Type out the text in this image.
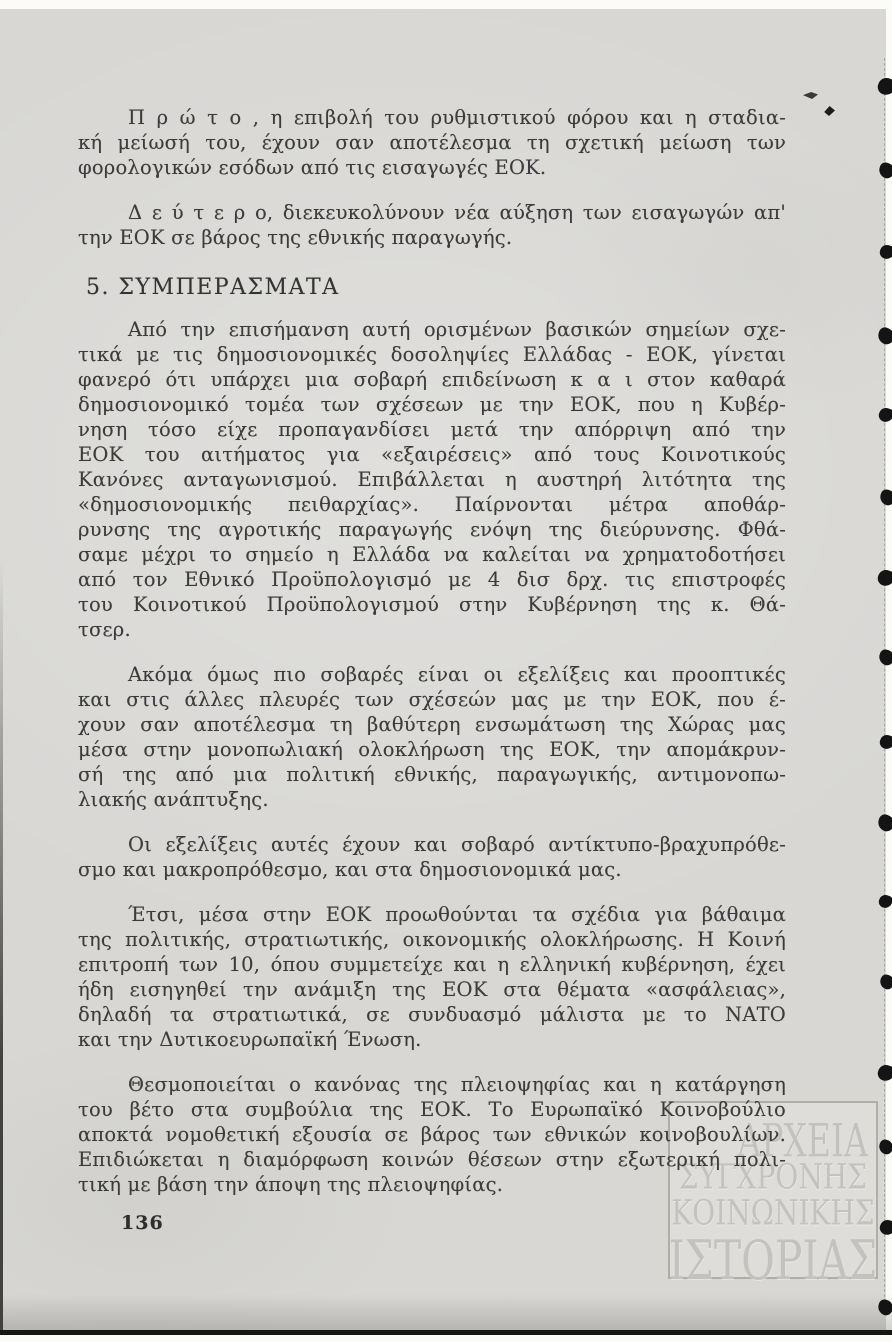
ΑΡΧΕΙΑ
ΣΥΓΧΡΟΝΗΣ
ΚΟΙΝΩΝΙΚΗΣ
ΙΣΤΟΡΙΑΣ
Π ρ ώ τ ο , η επιβολή του ρυθμιστικού φόρου και η σταδια-
κή μείωσή του, έχουν σαν αποτέλεσμα τη σχετική μείωση των
φορολογικών εσόδων από τις εισαγωγές ΕΟΚ.
Δ ε ύ τ ε ρ ο, διεκευκολύνουν νέα αύξηση των εισαγωγών απ'
την ΕΟΚ σε βάρος της εθνικής παραγωγής.
5. ΣΥΜΠΕΡΑΣΜΑΤΑ
Από την επισήμανση αυτή ορισμένων βασικών σημείων σχε-
τικά με τις δημοσιονομικές δοσοληψίες Ελλάδας - ΕΟΚ, γίνεται
φανερό ότι υπάρχει μια σοβαρή επιδείνωση κ α ι στον καθαρά
δημοσιονομικό τομέα των σχέσεων με την ΕΟΚ, που η Κυβέρ-
νηση τόσο είχε προπαγανδίσει μετά την απόρριψη από την
ΕΟΚ του αιτήματος για «εξαιρέσεις» από τους Κοινοτικούς
Κανόνες ανταγωνισμού. Επιβάλλεται η αυστηρή λιτότητα της
«δημοσιονομικής πειθαρχίας». Παίρνονται μέτρα αποθάρ-
ρυνσης της αγροτικής παραγωγής ενόψη της διεύρυνσης. Φθά-
σαμε μέχρι το σημείο η Ελλάδα να καλείται να χρηματοδοτήσει
από τον Εθνικό Προϋπολογισμό με 4 δισ δρχ. τις επιστροφές
του Κοινοτικού Προϋπολογισμού στην Κυβέρνηση της κ. Θά-
τσερ.
Ακόμα όμως πιο σοβαρές είναι οι εξελίξεις και προοπτικές
και στις άλλες πλευρές των σχέσεών μας με την ΕΟΚ, που έ-
χουν σαν αποτέλεσμα τη βαθύτερη ενσωμάτωση της Χώρας μας
μέσα στην μονοπωλιακή ολοκλήρωση της ΕΟΚ, την απομάκρυν-
σή της από μια πολιτική εθνικής, παραγωγικής, αντιμονοπω-
λιακής ανάπτυξης.
Οι εξελίξεις αυτές έχουν και σοβαρό αντίκτυπο-βραχυπρόθε-
σμο και μακροπρόθεσμο, και στα δημοσιονομικά μας.
Έτσι, μέσα στην ΕΟΚ προωθούνται τα σχέδια για βάθαιμα
της πολιτικής, στρατιωτικής, οικονομικής ολοκλήρωσης. Η Κοινή
επιτροπή των 10, όπου συμμετείχε και η ελληνική κυβέρνηση, έχει
ήδη εισηγηθεί την ανάμιξη της ΕΟΚ στα θέματα «ασφάλειας»,
δηλαδή τα στρατιωτικά, σε συνδυασμό μάλιστα με το ΝΑΤΟ
και την Δυτικοευρωπαϊκή Ένωση.
Θεσμοποιείται ο κανόνας της πλειοψηφίας και η κατάργηση
του βέτο στα συμβούλια της ΕΟΚ. Το Ευρωπαϊκό Κοινοβούλιο
αποκτά νομοθετική εξουσία σε βάρος των εθνικών κοινοβουλίων.
Επιδιώκεται η διαμόρφωση κοινών θέσεων στην εξωτερική πολι-
τική με βάση την άποψη της πλειοψηφίας.
136
